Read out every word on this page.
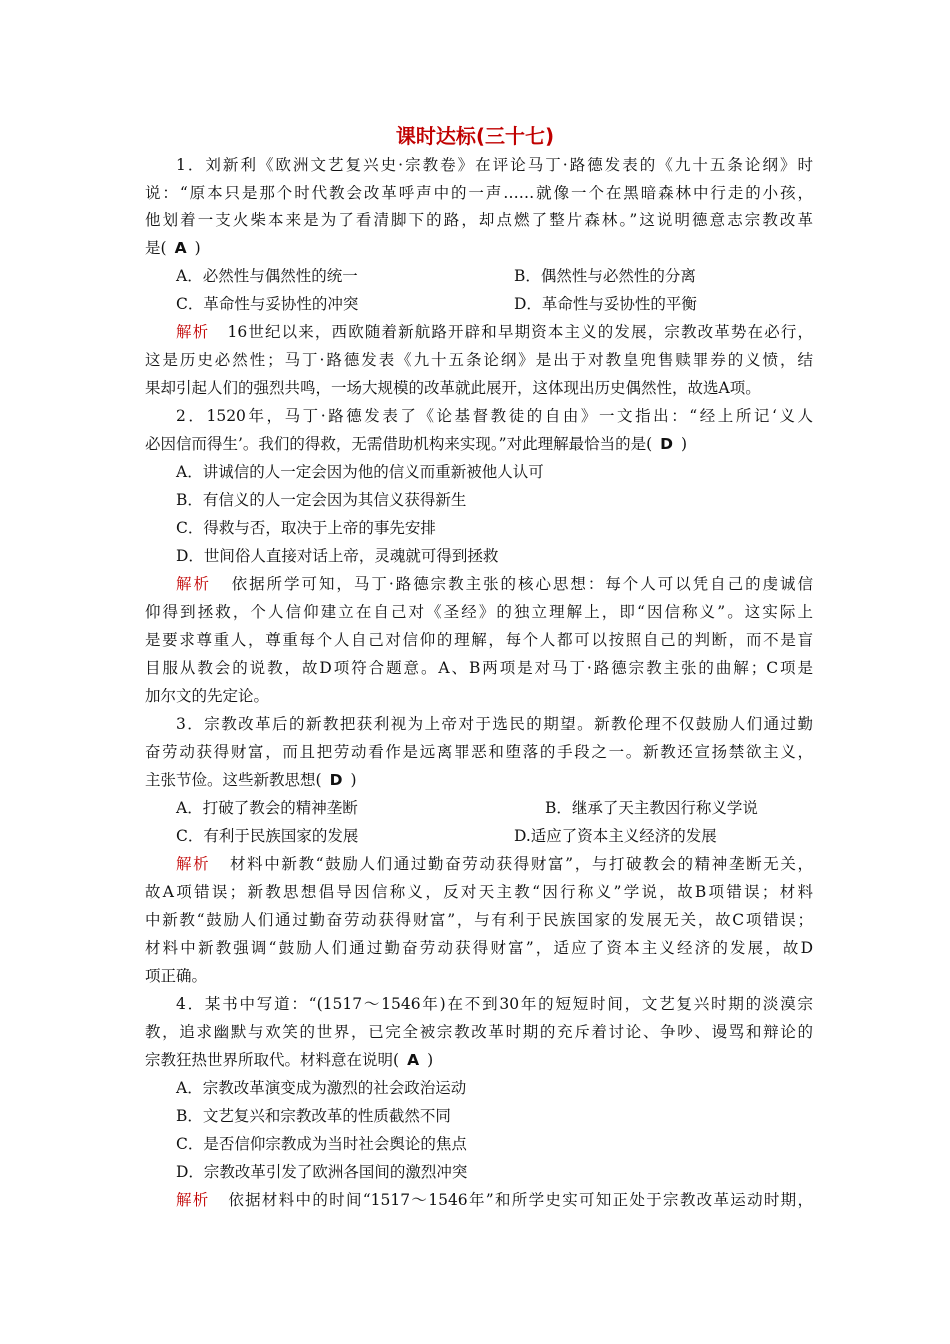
课时达标(三十七)
1．刘新利《欧洲文艺复兴史·宗教卷》在评论马丁·路德发表的《九十五条论纲》时
说：“原本只是那个时代教会改革呼声中的一声……就像一个在黑暗森林中行走的小孩，
他划着一支火柴本来是为了看清脚下的路，却点燃了整片森林。”这说明德意志宗教改革
是( A )
A．必然性与偶然性的统一	B．偶然性与必然性的分离
C．革命性与妥协性的冲突	D．革命性与妥协性的平衡
解析 16世纪以来，西欧随着新航路开辟和早期资本主义的发展，宗教改革势在必行，
这是历史必然性；马丁·路德发表《九十五条论纲》是出于对教皇兜售赎罪券的义愤，结
果却引起人们的强烈共鸣，一场大规模的改革就此展开，这体现出历史偶然性，故选A项。
2．1520年，马丁·路德发表了《论基督教徒的自由》一文指出：“经上所记‘义人
必因信而得生’。我们的得救，无需借助机构来实现。”对此理解最恰当的是( D )
A．讲诚信的人一定会因为他的信义而重新被他人认可
B．有信义的人一定会因为其信义获得新生
C．得救与否，取决于上帝的事先安排
D．世间俗人直接对话上帝，灵魂就可得到拯救
解析 依据所学可知，马丁·路德宗教主张的核心思想：每个人可以凭自己的虔诚信
仰得到拯救，个人信仰建立在自己对《圣经》的独立理解上，即“因信称义”。这实际上
是要求尊重人，尊重每个人自己对信仰的理解，每个人都可以按照自己的判断，而不是盲
目服从教会的说教，故D项符合题意。A、B两项是对马丁·路德宗教主张的曲解；C项是
加尔文的先定论。
3．宗教改革后的新教把获利视为上帝对于选民的期望。新教伦理不仅鼓励人们通过勤
奋劳动获得财富，而且把劳动看作是远离罪恶和堕落的手段之一。新教还宣扬禁欲主义，
主张节俭。这些新教思想( D )
A．打破了教会的精神垄断	B．继承了天主教因行称义学说
C．有利于民族国家的发展	D.适应了资本主义经济的发展
解析 材料中新教“鼓励人们通过勤奋劳动获得财富”，与打破教会的精神垄断无关，
故A项错误；新教思想倡导因信称义，反对天主教“因行称义”学说，故B项错误；材料
中新教“鼓励人们通过勤奋劳动获得财富”，与有利于民族国家的发展无关，故C项错误；
材料中新教强调“鼓励人们通过勤奋劳动获得财富”，适应了资本主义经济的发展，故D
项正确。
4．某书中写道：“(1517～1546年)在不到30年的短短时间，文艺复兴时期的淡漠宗
教，追求幽默与欢笑的世界，已完全被宗教改革时期的充斥着讨论、争吵、谩骂和辩论的
宗教狂热世界所取代。材料意在说明( A )
A．宗教改革演变成为激烈的社会政治运动
B．文艺复兴和宗教改革的性质截然不同
C．是否信仰宗教成为当时社会舆论的焦点
D．宗教改革引发了欧洲各国间的激烈冲突
解析 依据材料中的时间“1517～1546年”和所学史实可知正处于宗教改革运动时期，
